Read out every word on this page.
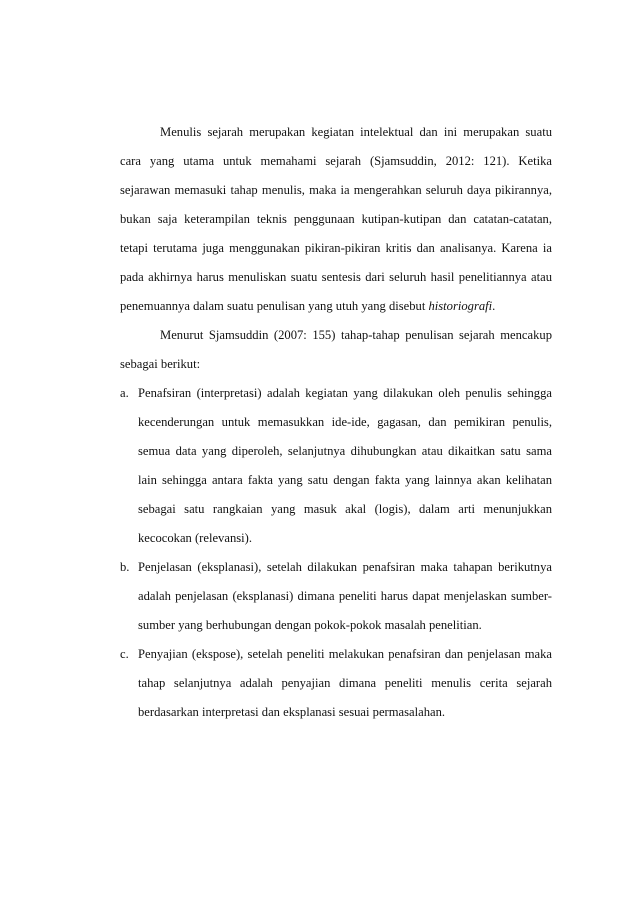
Menulis sejarah merupakan kegiatan intelektual dan ini merupakan suatu
cara yang utama untuk memahami sejarah (Sjamsuddin, 2012: 121). Ketika
sejarawan memasuki tahap menulis, maka ia mengerahkan seluruh daya pikirannya,
bukan saja keterampilan teknis penggunaan kutipan-kutipan dan catatan-catatan,
tetapi terutama juga menggunakan pikiran-pikiran kritis dan analisanya. Karena ia
pada akhirnya harus menuliskan suatu sentesis dari seluruh hasil penelitiannya atau
penemuannya dalam suatu penulisan yang utuh yang disebut historiografi.
Menurut Sjamsuddin (2007: 155) tahap-tahap penulisan sejarah mencakup
sebagai berikut:
a. Penafsiran (interpretasi) adalah kegiatan yang dilakukan oleh penulis sehingga
kecenderungan untuk memasukkan ide-ide, gagasan, dan pemikiran penulis,
semua data yang diperoleh, selanjutnya dihubungkan atau dikaitkan satu sama
lain sehingga antara fakta yang satu dengan fakta yang lainnya akan kelihatan
sebagai satu rangkaian yang masuk akal (logis), dalam arti menunjukkan
kecocokan (relevansi).
b. Penjelasan (eksplanasi), setelah dilakukan penafsiran maka tahapan berikutnya
adalah penjelasan (eksplanasi) dimana peneliti harus dapat menjelaskan sumber-
sumber yang berhubungan dengan pokok-pokok masalah penelitian.
c. Penyajian (ekspose), setelah peneliti melakukan penafsiran dan penjelasan maka
tahap selanjutnya adalah penyajian dimana peneliti menulis cerita sejarah
berdasarkan interpretasi dan eksplanasi sesuai permasalahan.
